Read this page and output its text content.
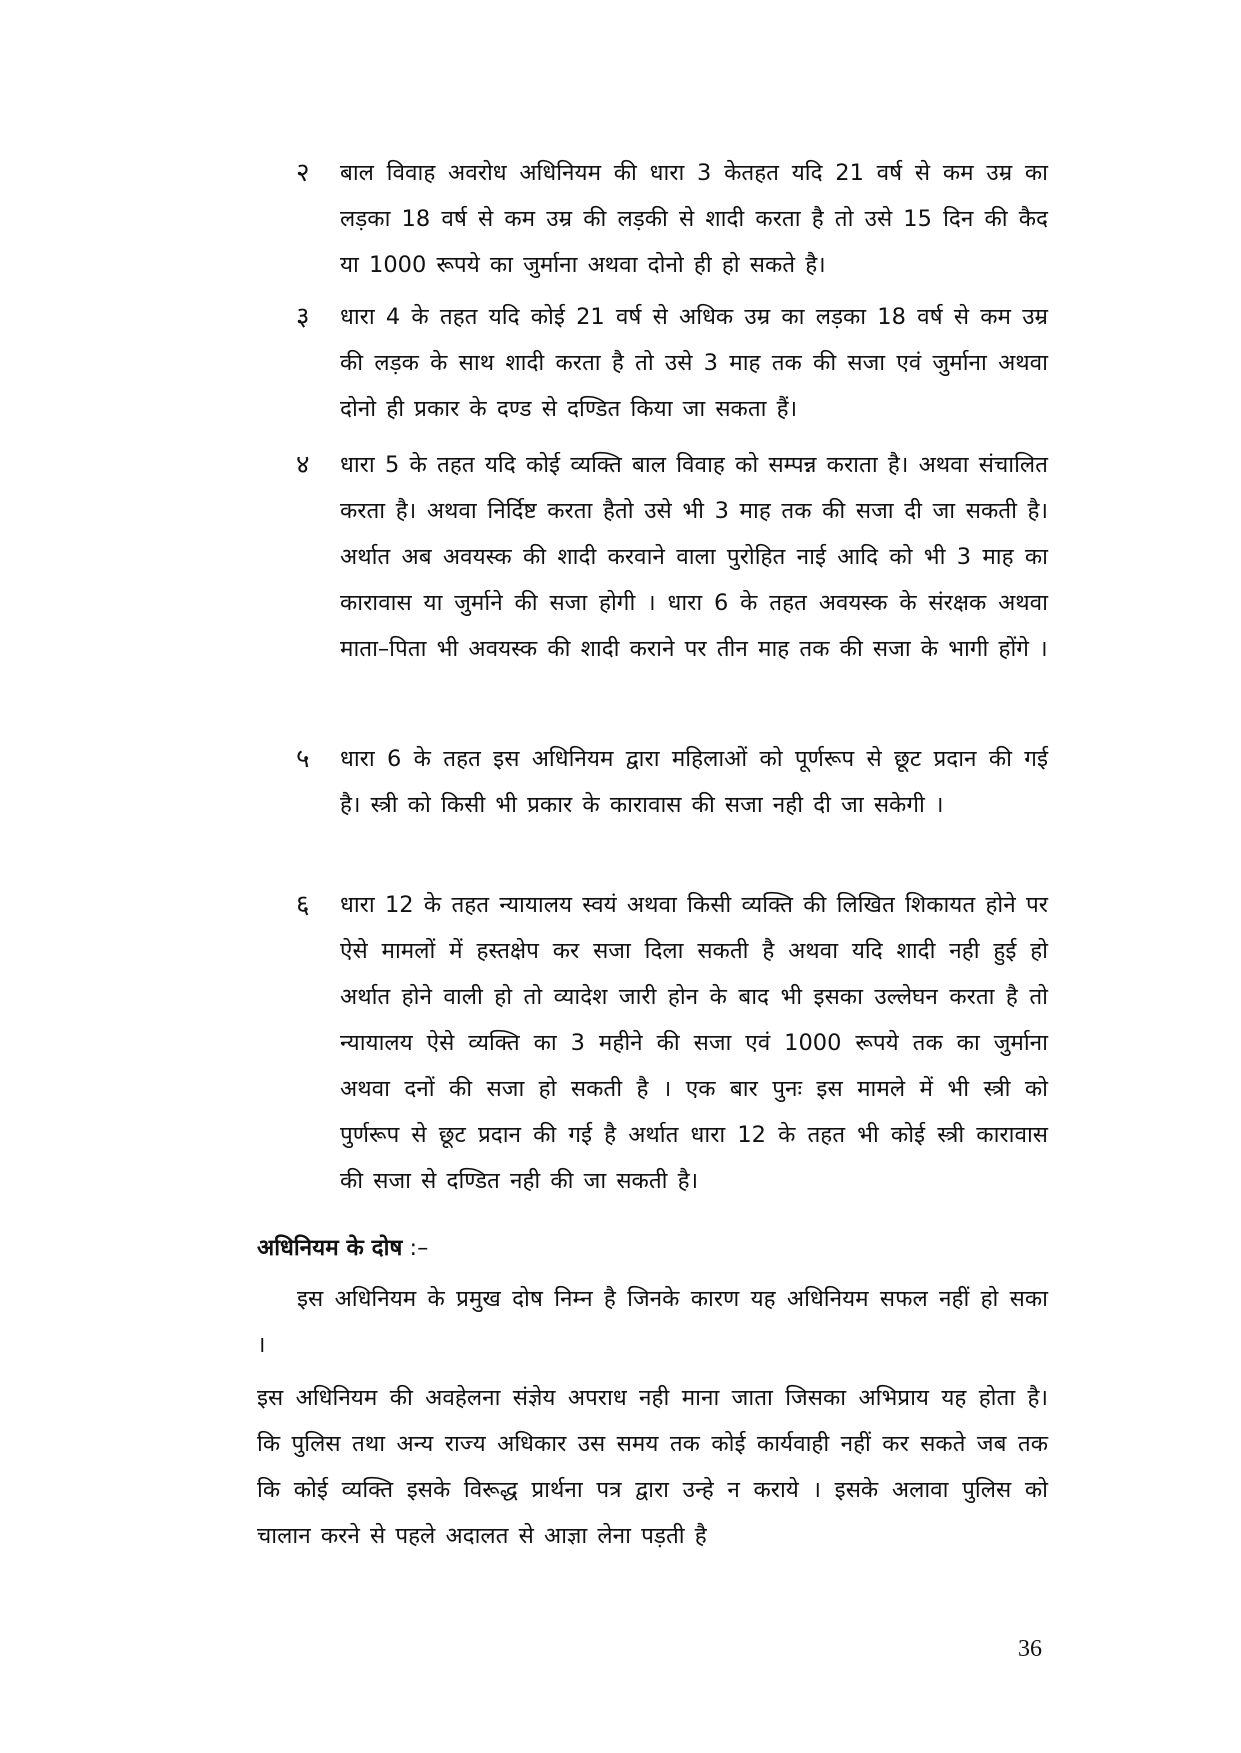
२ बाल विवाह अवरोध अधिनियम की धारा 3 केतहत यदि 21 वर्ष से कम उम्र का लड़का 18 वर्ष से कम उम्र की लड़की से शादी करता है तो उसे 15 दिन की कैद या 1000 रूपये का जुर्माना अथवा दोनो ही हो सकते है।
३ धारा 4 के तहत यदि कोई 21 वर्ष से अधिक उम्र का लड़का 18 वर्ष से कम उम्र की लड़क के साथ शादी करता है तो उसे 3 माह तक की सजा एवं जुर्माना अथवा दोनो ही प्रकार के दण्ड से दण्डित किया जा सकता हैं।
४ धारा 5 के तहत यदि कोई व्यक्ति बाल विवाह को सम्पन्न कराता है। अथवा संचालित करता है। अथवा निर्दिष्ट करता हैतो उसे भी 3 माह तक की सजा दी जा सकती है। अर्थात अब अवयस्क की शादी करवाने वाला पुरोहित नाई आदि को भी 3 माह का कारावास या जुर्माने की सजा होगी । धारा 6 के तहत अवयस्क के संरक्षक अथवा माता–पिता भी अवयस्क की शादी कराने पर तीन माह तक की सजा के भागी होंगे ।
५ धारा 6 के तहत इस अधिनियम द्वारा महिलाओं को पूर्णरूप से छूट प्रदान की गई है। स्त्री को किसी भी प्रकार के कारावास की सजा नही दी जा सकेगी ।
६ धारा 12 के तहत न्यायालय स्वयं अथवा किसी व्यक्ति की लिखित शिकायत होने पर ऐसे मामलों में हस्तक्षेप कर सजा दिला सकती है अथवा यदि शादी नही हुई हो अर्थात होने वाली हो तो व्यादेश जारी होन के बाद भी इसका उल्लेघन करता है तो न्यायालय ऐसे व्यक्ति का 3 महीने की सजा एवं 1000 रूपये तक का जुर्माना अथवा दनों की सजा हो सकती है । एक बार पुनः इस मामले में भी स्त्री को पुर्णरूप से छूट प्रदान की गई है अर्थात धारा 12 के तहत भी कोई स्त्री कारावास की सजा से दण्डित नही की जा सकती है।
अधिनियम के दोष :–
इस अधिनियम के प्रमुख दोष निम्न है जिनके कारण यह अधिनियम सफल नहीं हो सका ।
इस अधिनियम की अवहेलना संज्ञेय अपराध नही माना जाता जिसका अभिप्राय यह होता है। कि पुलिस तथा अन्य राज्य अधिकार उस समय तक कोई कार्यवाही नहीं कर सकते जब तक कि कोई व्यक्ति इसके विरूद्ध प्रार्थना पत्र द्वारा उन्हे न कराये । इसके अलावा पुलिस को चालान करने से पहले अदालत से आज्ञा लेना पड़ती है
36
